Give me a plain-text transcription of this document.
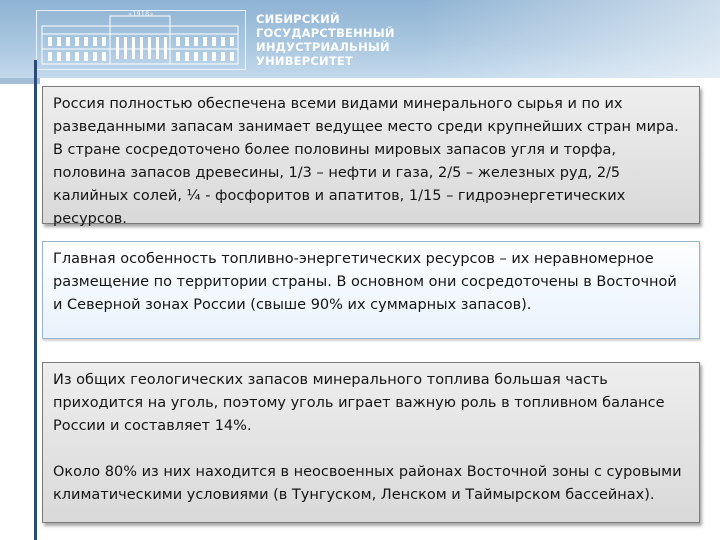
«1918»	СИБИРСКИЙ
ГОСУДАРСТВЕННЫЙ
ИНДУСТРИАЛЬНЫЙ
УНИВЕРСИТЕТ

Россия полностью обеспечена всеми видами минерального сырья и по их разведанными запасам занимает ведущее место среди крупнейших стран мира. В стране сосредоточено более половины мировых запасов угля и торфа, половина запасов древесины, 1/3 – нефти и газа, 2/5 – железных руд, 2/5 калийных солей, ¼ - фосфоритов и апатитов, 1/15 – гидроэнергетических ресурсов.

Главная особенность топливно-энергетических ресурсов – их неравномерное размещение по территории страны. В основном они сосредоточены в Восточной и Северной зонах России (свыше 90% их суммарных запасов).

Из общих геологических запасов минерального топлива большая часть приходится на уголь, поэтому уголь играет важную роль в топливном балансе России и составляет 14%.

Около 80% из них находится в неосвоенных районах Восточной зоны с суровыми климатическими условиями (в Тунгуском, Ленском и Таймырском бассейнах).
